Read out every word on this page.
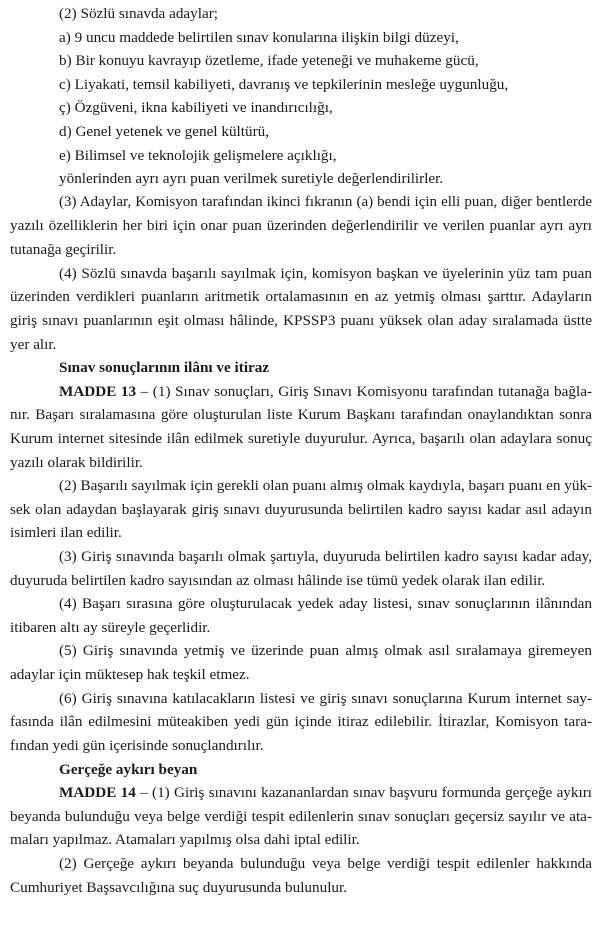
(2) Sözlü sınavda adaylar;

a) 9 uncu maddede belirtilen sınav konularına ilişkin bilgi düzeyi,

b) Bir konuyu kavrayıp özetleme, ifade yeteneği ve muhakeme gücü,

c) Liyakati, temsil kabiliyeti, davranış ve tepkilerinin mesleğe uygunluğu,

ç) Özgüveni, ikna kabiliyeti ve inandırıcılığı,

d) Genel yetenek ve genel kültürü,

e) Bilimsel ve teknolojik gelişmelere açıklığı,

yönlerinden ayrı ayrı puan verilmek suretiyle değerlendirilirler.

(3) Adaylar, Komisyon tarafından ikinci fıkranın (a) bendi için elli puan, diğer bentlerde

yazılı özelliklerin her biri için onar puan üzerinden değerlendirilir ve verilen puanlar ayrı ayrı

tutanağa geçirilir.

(4) Sözlü sınavda başarılı sayılmak için, komisyon başkan ve üyelerinin yüz tam puan

üzerinden verdikleri puanların aritmetik ortalamasının en az yetmiş olması şarttır. Adayların

giriş sınavı puanlarının eşit olması hâlinde, KPSSP3 puanı yüksek olan aday sıralamada üstte

yer alır.

Sınav sonuçlarının ilânı ve itiraz

MADDE 13 – (1) Sınav sonuçları, Giriş Sınavı Komisyonu tarafından tutanağa bağla-

nır. Başarı sıralamasına göre oluşturulan liste Kurum Başkanı tarafından onaylandıktan sonra

Kurum internet sitesinde ilân edilmek suretiyle duyurulur. Ayrıca, başarılı olan adaylara sonuç

yazılı olarak bildirilir.

(2) Başarılı sayılmak için gerekli olan puanı almış olmak kaydıyla, başarı puanı en yük-

sek olan adaydan başlayarak giriş sınavı duyurusunda belirtilen kadro sayısı kadar asıl adayın

isimleri ilan edilir.

(3) Giriş sınavında başarılı olmak şartıyla, duyuruda belirtilen kadro sayısı kadar aday,

duyuruda belirtilen kadro sayısından az olması hâlinde ise tümü yedek olarak ilan edilir.

(4) Başarı sırasına göre oluşturulacak yedek aday listesi, sınav sonuçlarının ilânından

itibaren altı ay süreyle geçerlidir.

(5) Giriş sınavında yetmiş ve üzerinde puan almış olmak asıl sıralamaya giremeyen

adaylar için müktesep hak teşkil etmez.

(6) Giriş sınavına katılacakların listesi ve giriş sınavı sonuçlarına Kurum internet say-

fasında ilân edilmesini müteakiben yedi gün içinde itiraz edilebilir. İtirazlar, Komisyon tara-

fından yedi gün içerisinde sonuçlandırılır.

Gerçeğe aykırı beyan

MADDE 14 – (1) Giriş sınavını kazananlardan sınav başvuru formunda gerçeğe aykırı

beyanda bulunduğu veya belge verdiği tespit edilenlerin sınav sonuçları geçersiz sayılır ve ata-

maları yapılmaz. Atamaları yapılmış olsa dahi iptal edilir.

(2) Gerçeğe aykırı beyanda bulunduğu veya belge verdiği tespit edilenler hakkında

Cumhuriyet Başsavcılığına suç duyurusunda bulunulur.
